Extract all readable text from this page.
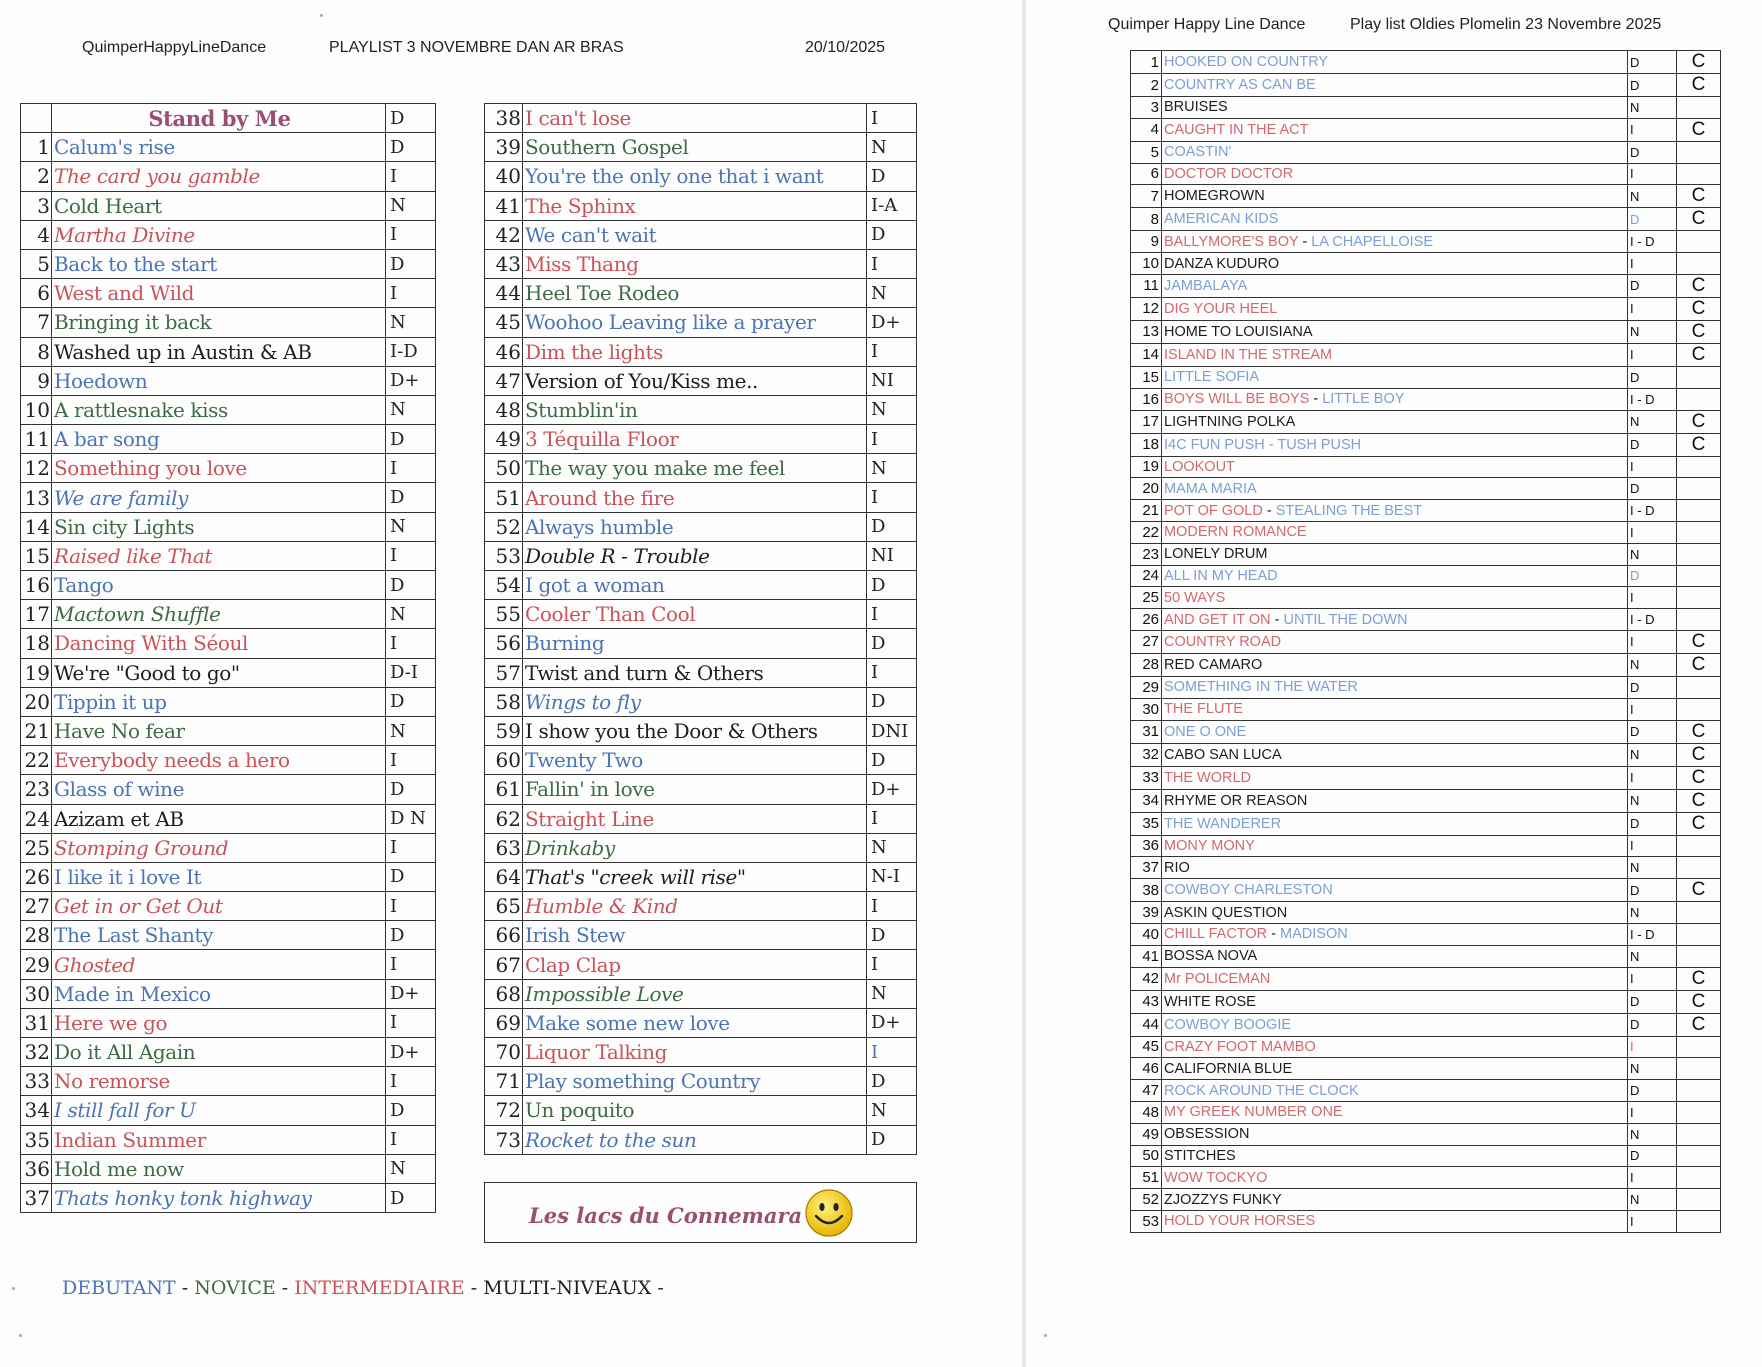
QuimperHappyLineDance	PLAYLIST 3 NOVEMBRE DAN AR BRAS	20/10/2025
	Stand by Me	D
1	Calum's rise	D
2	The card you gamble	I
3	Cold Heart	N
4	Martha Divine	I
5	Back to the start	D
6	West and Wild	I
7	Bringing it back	N
8	Washed up in Austin & AB	I-D
9	Hoedown	D+
10	A rattlesnake kiss	N
11	A bar song	D
12	Something you love	I
13	We are family	D
14	Sin city Lights	N
15	Raised like That	I
16	Tango	D
17	Mactown Shuffle	N
18	Dancing With Séoul	I
19	We're "Good to go"	D-I
20	Tippin it up	D
21	Have No fear	N
22	Everybody needs a hero	I
23	Glass of wine	D
24	Azizam et AB	D N
25	Stomping Ground	I
26	I like it i love It	D
27	Get in or Get Out	I
28	The Last Shanty	D
29	Ghosted	I
30	Made in Mexico	D+
31	Here we go	I
32	Do it All Again	D+
33	No remorse	I
34	I still fall for U	D
35	Indian Summer	I
36	Hold me now	N
37	Thats honky tonk highway	D
38	I can't lose	I
39	Southern Gospel	N
40	You're the only one that i want	D
41	The Sphinx	I-A
42	We can't wait	D
43	Miss Thang	I
44	Heel Toe Rodeo	N
45	Woohoo Leaving like a prayer	D+
46	Dim the lights	I
47	Version of You/Kiss me..	NI
48	Stumblin'in	N
49	3 Téquilla Floor	I
50	The way you make me feel	N
51	Around the fire	I
52	Always humble	D
53	Double R - Trouble	NI
54	I got a woman	D
55	Cooler Than Cool	I
56	Burning	D
57	Twist and turn & Others	I
58	Wings to fly	D
59	I show you the Door & Others	DNI
60	Twenty Two	D
61	Fallin' in love	D+
62	Straight Line	I
63	Drinkaby	N
64	That's "creek will rise"	N-I
65	Humble & Kind	I
66	Irish Stew	D
67	Clap Clap	I
68	Impossible Love	N
69	Make some new love	D+
70	Liquor Talking	I
71	Play something Country	D
72	Un poquito	N
73	Rocket to the sun	D
Les lacs du Connemara
DEBUTANT - NOVICE - INTERMEDIAIRE - MULTI-NIVEAUX -
Quimper Happy Line Dance	Play list Oldies Plomelin 23 Novembre 2025
1	HOOKED ON COUNTRY	D	C
2	COUNTRY AS CAN BE	D	C
3	BRUISES	N	
4	CAUGHT IN THE ACT	I	C
5	COASTIN'	D	
6	DOCTOR DOCTOR	I	
7	HOMEGROWN	N	C
8	AMERICAN KIDS	D	C
9	BALLYMORE'S BOY - LA CHAPELLOISE	I - D	
10	DANZA KUDURO	I	
11	JAMBALAYA	D	C
12	DIG YOUR HEEL	I	C
13	HOME TO LOUISIANA	N	C
14	ISLAND IN THE STREAM	I	C
15	LITTLE SOFIA	D	
16	BOYS WILL BE BOYS - LITTLE BOY	I - D	
17	LIGHTNING POLKA	N	C
18	I4C FUN PUSH - TUSH PUSH	D	C
19	LOOKOUT	I	
20	MAMA MARIA	D	
21	POT OF GOLD - STEALING THE BEST	I - D	
22	MODERN ROMANCE	I	
23	LONELY DRUM	N	
24	ALL IN MY HEAD	D	
25	50 WAYS	I	
26	AND GET IT ON - UNTIL THE DOWN	I - D	
27	COUNTRY ROAD	I	C
28	RED CAMARO	N	C
29	SOMETHING IN THE WATER	D	
30	THE FLUTE	I	
31	ONE O ONE	D	C
32	CABO SAN LUCA	N	C
33	THE WORLD	I	C
34	RHYME OR REASON	N	C
35	THE WANDERER	D	C
36	MONY MONY	I	
37	RIO	N	
38	COWBOY CHARLESTON	D	C
39	ASKIN QUESTION	N	
40	CHILL FACTOR - MADISON	I - D	
41	BOSSA NOVA	N	
42	Mr POLICEMAN	I	C
43	WHITE ROSE	D	C
44	COWBOY BOOGIE	D	C
45	CRAZY FOOT MAMBO	I	
46	CALIFORNIA BLUE	N	
47	ROCK AROUND THE CLOCK	D	
48	MY GREEK NUMBER ONE	I	
49	OBSESSION	N	
50	STITCHES	D	
51	WOW TOCKYO	I	
52	ZJOZZYS FUNKY	N	
53	HOLD YOUR HORSES	I	
